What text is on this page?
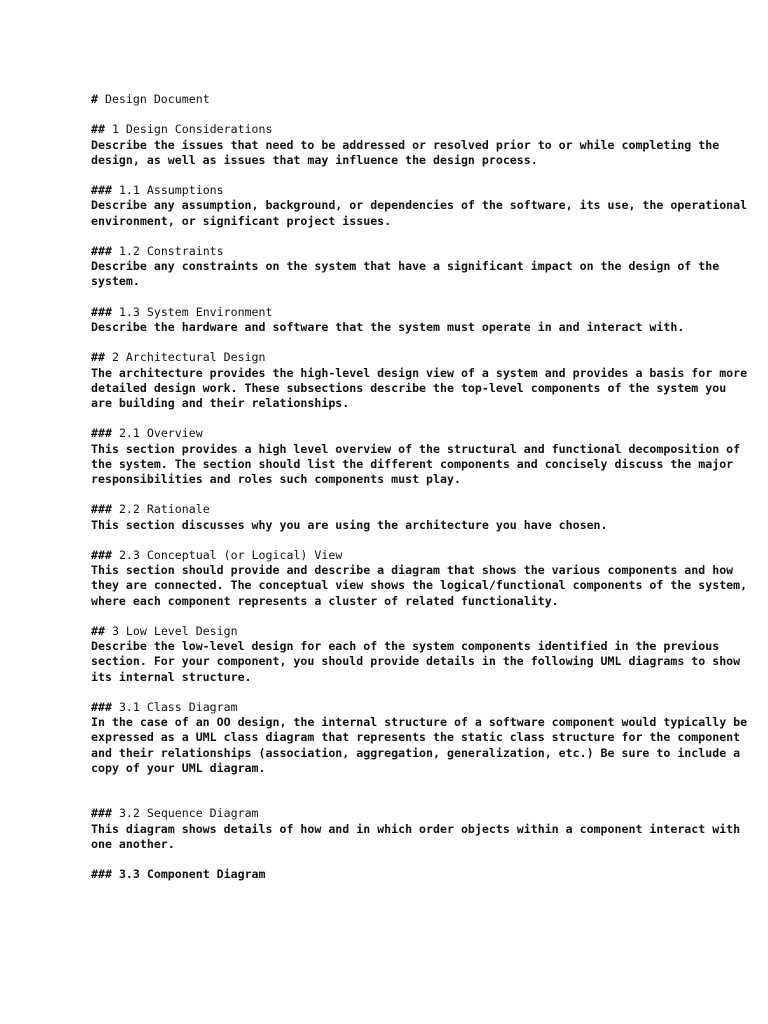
# Design Document
## 1 Design Considerations
Describe the issues that need to be addressed or resolved prior to or while completing the design, as well as issues that may influence the design process.
### 1.1 Assumptions
Describe any assumption, background, or dependencies of the software, its use, the operational environment, or significant project issues.
### 1.2 Constraints
Describe any constraints on the system that have a significant impact on the design of the system.
### 1.3 System Environment
Describe the hardware and software that the system must operate in and interact with.
## 2 Architectural Design
The architecture provides the high-level design view of a system and provides a basis for more detailed design work. These subsections describe the top-level components of the system you are building and their relationships.
### 2.1 Overview
This section provides a high level overview of the structural and functional decomposition of the system. The section should list the different components and concisely discuss the major responsibilities and roles such components must play.
### 2.2 Rationale
This section discusses why you are using the architecture you have chosen.
### 2.3 Conceptual (or Logical) View
This section should provide and describe a diagram that shows the various components and how they are connected. The conceptual view shows the logical/functional components of the system, where each component represents a cluster of related functionality.
## 3 Low Level Design
Describe the low-level design for each of the system components identified in the previous section. For your component, you should provide details in the following UML diagrams to show its internal structure.
### 3.1 Class Diagram
In the case of an OO design, the internal structure of a software component would typically be expressed as a UML class diagram that represents the static class structure for the component and their relationships (association, aggregation, generalization, etc.) Be sure to include a copy of your UML diagram.
### 3.2 Sequence Diagram
This diagram shows details of how and in which order objects within a component interact with one another.
### 3.3 Component Diagram
